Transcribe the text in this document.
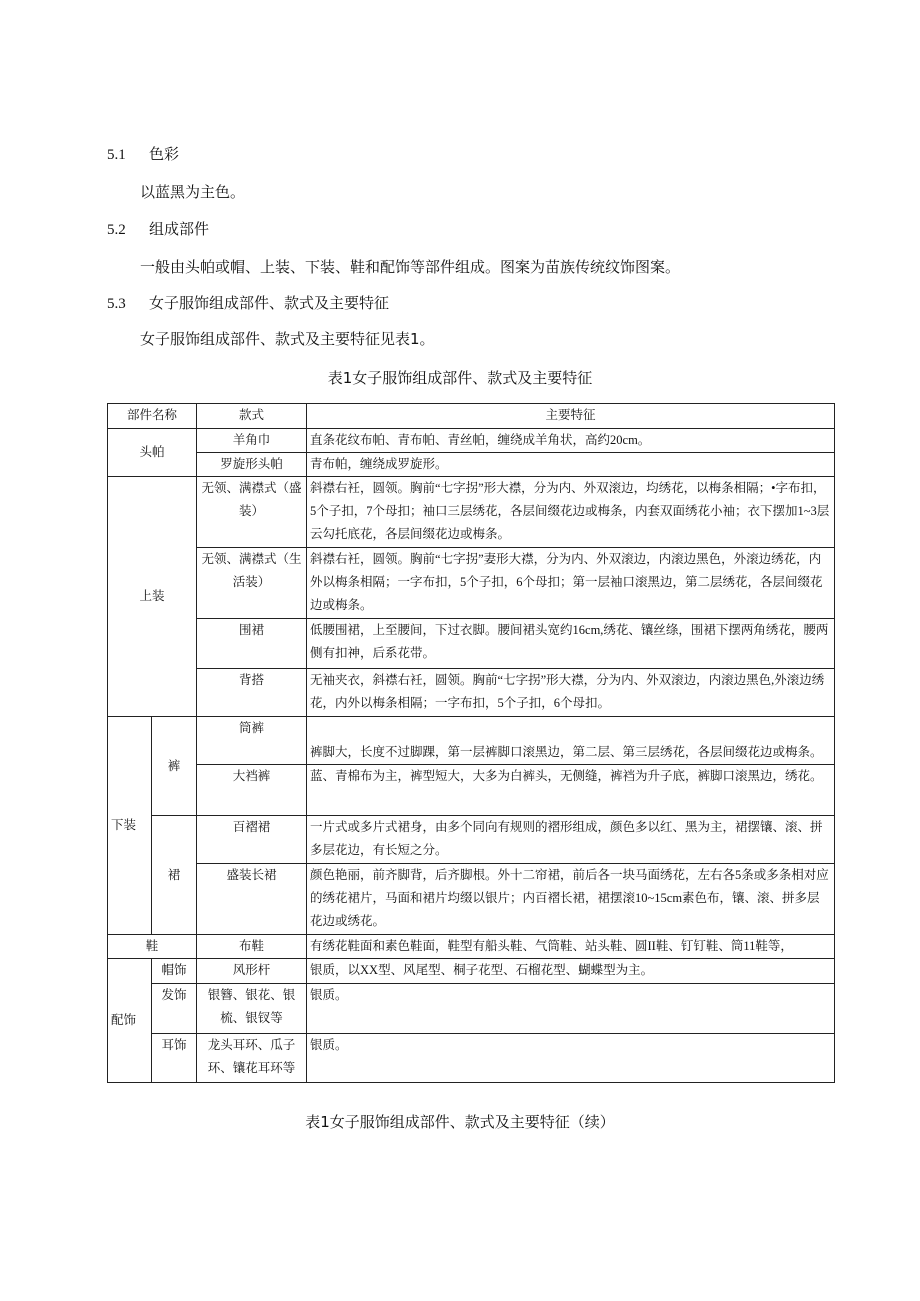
5.1 色彩
以蓝黑为主色。
5.2 组成部件
一般由头帕或帽、上装、下装、鞋和配饰等部件组成。图案为苗族传统纹饰图案。
5.3 女子服饰组成部件、款式及主要特征
女子服饰组成部件、款式及主要特征见表1。
表1女子服饰组成部件、款式及主要特征
部件名称		款式	主要特征
头帕		羊角巾	直条花纹布帕、青布帕、青丝帕，缠绕成羊角状，高约20cm。
		罗旋形头帕	青布帕，缠绕成罗旋形。
上装		无领、满襟式（盛装）	斜襟右衽，圆领。胸前“七字拐”形大襟，分为内、外双滚边，均绣花，以梅条相隔；•字布扣，5个子扣，7个母扣；袖口三层绣花，各层间缀花边或梅条，内套双面绣花小袖；衣下摆加1~3层云勾托底花，各层间缀花边或梅条。
		无领、满襟式（生活装）	斜襟右衽，圆领。胸前“七字拐”妻形大襟，分为内、外双滚边，内滚边黑色，外滚边绣花，内外以梅条相隔；一字布扣，5个子扣，6个母扣；第一层袖口滚黑边，第二层绣花，各层间缀花边或梅条。
		围裙	低腰围裙，上至腰间，下过衣脚。腰间裙头宽约16cm,绣花、镶丝绦，围裙下摆两角绣花，腰两侧有扣神，后系花带。
		背搭	无袖夹衣，斜襟右衽，圆领。胸前“七字拐”形大襟，分为内、外双滚边，内滚边黑色,外滚边绣花，内外以梅条相隔；一字布扣，5个子扣，6个母扣。
下装	裤	筒裤	裤脚大，长度不过脚踝，第一层裤脚口滚黑边，第二层、第三层绣花，各层间缀花边或梅条。
		大裆裤	蓝、青棉布为主，裤型短大，大多为白裤头，无侧缝，裤裆为升子底，裤脚口滚黑边，绣花。
	裙	百褶裙	一片式或多片式裙身，由多个同向有规则的褶形组成，颜色多以红、黑为主，裙摆镶、滚、拼多层花边，有长短之分。
		盛装长裙	颜色艳丽，前齐脚背，后齐脚根。外十二帘裙，前后各一块马面绣花，左右各5条或多条相对应的绣花裙片，马面和裙片均缀以银片；内百褶长裙，裙摆滚10~15cm素色布，镶、滚、拼多层花边或绣花。
鞋		布鞋	有绣花鞋面和素色鞋面，鞋型有船头鞋、气筒鞋、站头鞋、圆II鞋、钉钉鞋、筒11鞋等，
配饰	帽饰	风形杆	银质，以XX型、风尾型、桐子花型、石榴花型、蝴蝶型为主。
	发饰	银簪、银花、银梳、银钗等	银质。
	耳饰	龙头耳环、瓜子环、镶花耳环等	银质。
表1女子服饰组成部件、款式及主要特征（续）
